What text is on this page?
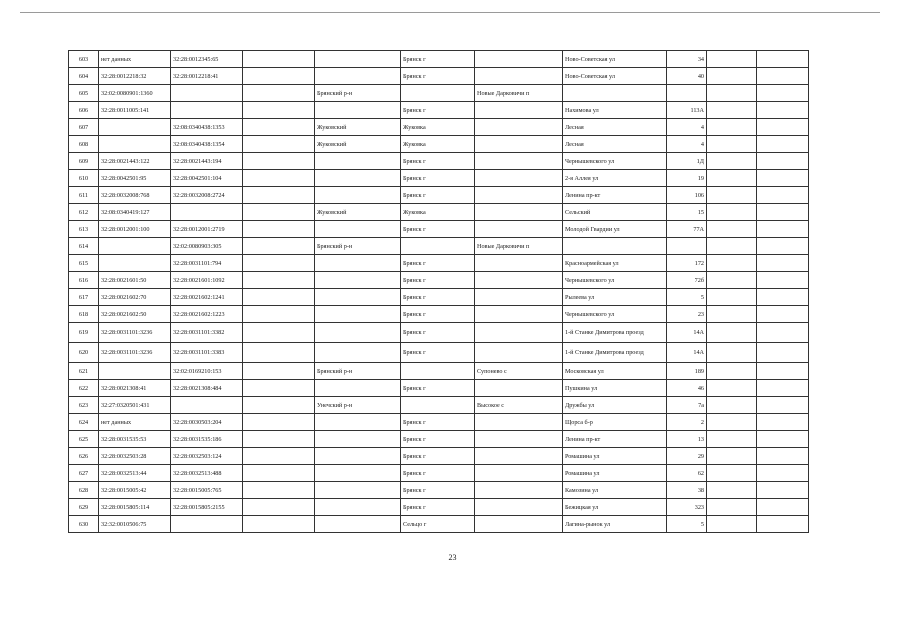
603	нет данных	32:28:0012345:65			Брянск г		Ново-Советская ул	34		
604	32:28:0012218:32	32:28:0012218:41			Брянск г		Ново-Советская ул	40		
605	32:02:0080901:1360			Брянский р-н		Новые Дарковичи п				
606	32:28:0011005:141				Брянск г		Нахимова ул	113А		
607		32:08:0340438:1353		Жуковский	Жуковка		Лесная	4		
608		32:08:0340438:1354		Жуковский	Жуковка		Лесная	4		
609	32:28:0021443:122	32:28:0021443:194			Брянск г		Чернышевского ул	1Д		
610	32:28:0042501:95	32:28:0042501:104			Брянск г		2-я Аллея ул	19		
611	32:28:0032008:768	32:28:0032008:2724			Брянск г		Ленина пр-кт	106		
612	32:08:0340419:127			Жуковский	Жуковка		Сельский	15		
613	32:28:0012001:100	32:28:0012001:2719			Брянск г		Молодой Гвардии ул	77А		
614		32:02:0080903:305		Брянский р-н		Новые Дарковичи п				
615		32:28:0031101:794			Брянск г		Красноармейская ул	172		
616	32:28:0021601:50	32:28:0021601:1092			Брянск г		Чернышевского ул	72б		
617	32:28:0021602:70	32:28:0021602:1241			Брянск г		Рылеева ул	5		
618	32:28:0021602:50	32:28:0021602:1223			Брянск г		Чернышевского ул	23		
619	32:28:0031101:3236	32:28:0031101:3382			Брянск г		1-й Станке Димитрова проезд	14А		
620	32:28:0031101:3236	32:28:0031101:3383			Брянск г		1-й Станке Димитрова проезд	14А		
621		32:02:0169210:153		Брянский р-н		Супонево с	Московская ул	189		
622	32:28:0021308:41	32:28:0021308:484			Брянск г		Пушкина ул	46		
623	32:27:0320501:431			Унечский р-н		Высокое с	Дружбы ул	7а		
624	нет данных	32:28:0030503:204			Брянск г		Щорса б-р	2		
625	32:28:0031535:53	32:28:0031535:186			Брянск г		Ленина пр-кт	13		
626	32:28:0032503:28	32:28:0032503:124			Брянск г		Ромашина ул	29		
627	32:28:0032513:44	32:28:0032513:488			Брянск г		Ромашина ул	62		
628	32:28:0015005:42	32:28:0015005:765			Брянск г		Камозина ул	38		
629	32:28:0015805:114	32:28:0015805:2155			Брянск г		Бежицкая ул	323		
630	32:32:0010506:75				Сельцо г		Лагина-рынок ул	5		
23
